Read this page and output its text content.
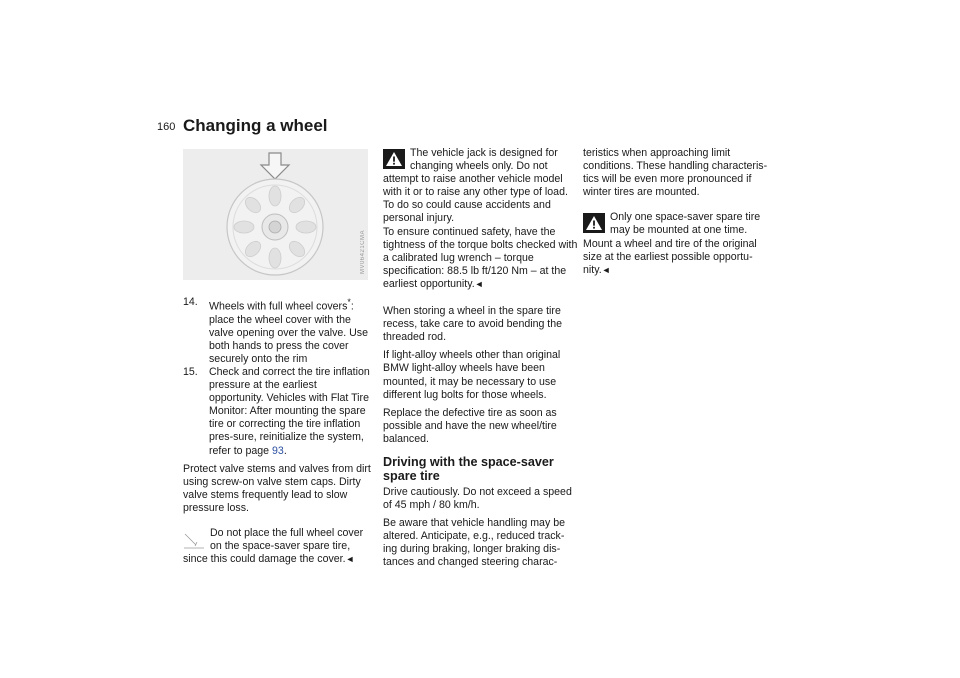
160 Changing a wheel
MV06421CMA
14. Wheels with full wheel covers*: place the wheel cover with the valve opening over the valve. Use both hands to press the cover securely onto the rim

15. Check and correct the tire inflation pressure at the earliest opportunity. Vehicles with Flat Tire Monitor: After mounting the spare tire or correcting the tire inflation pres-sure, reinitialize the system, refer to page 93.

Protect valve stems and valves from dirt using screw-on valve stem caps. Dirty valve stems frequently lead to slow pressure loss.

Do not place the full wheel cover

on the space-saver spare tire,

since this could damage the cover.◄

The vehicle jack is designed for

changing wheels only. Do not

attempt to raise another vehicle model with it or to raise any other type of load. To do so could cause accidents and personal injury.

To ensure continued safety, have the tightness of the torque bolts checked with a calibrated lug wrench – torque specification: 88.5 lb ft/120 Nm – at the earliest opportunity.◄

When storing a wheel in the spare tire recess, take care to avoid bending the threaded rod.

If light-alloy wheels other than original BMW light-alloy wheels have been mounted, it may be necessary to use different lug bolts for those wheels.

Replace the defective tire as soon as possible and have the new wheel/tire balanced.

Driving with the space-saver spare tire

Drive cautiously. Do not exceed a speed of 45 mph / 80 km/h.

Be aware that vehicle handling may be altered. Anticipate, e.g., reduced track-ing during braking, longer braking dis-tances and changed steering charac-

teristics when approaching limit conditions. These handling characteris-tics will be even more pronounced if winter tires are mounted.

Only one space-saver spare tire

may be mounted at one time.

Mount a wheel and tire of the original size at the earliest possible opportu-nity.◄
